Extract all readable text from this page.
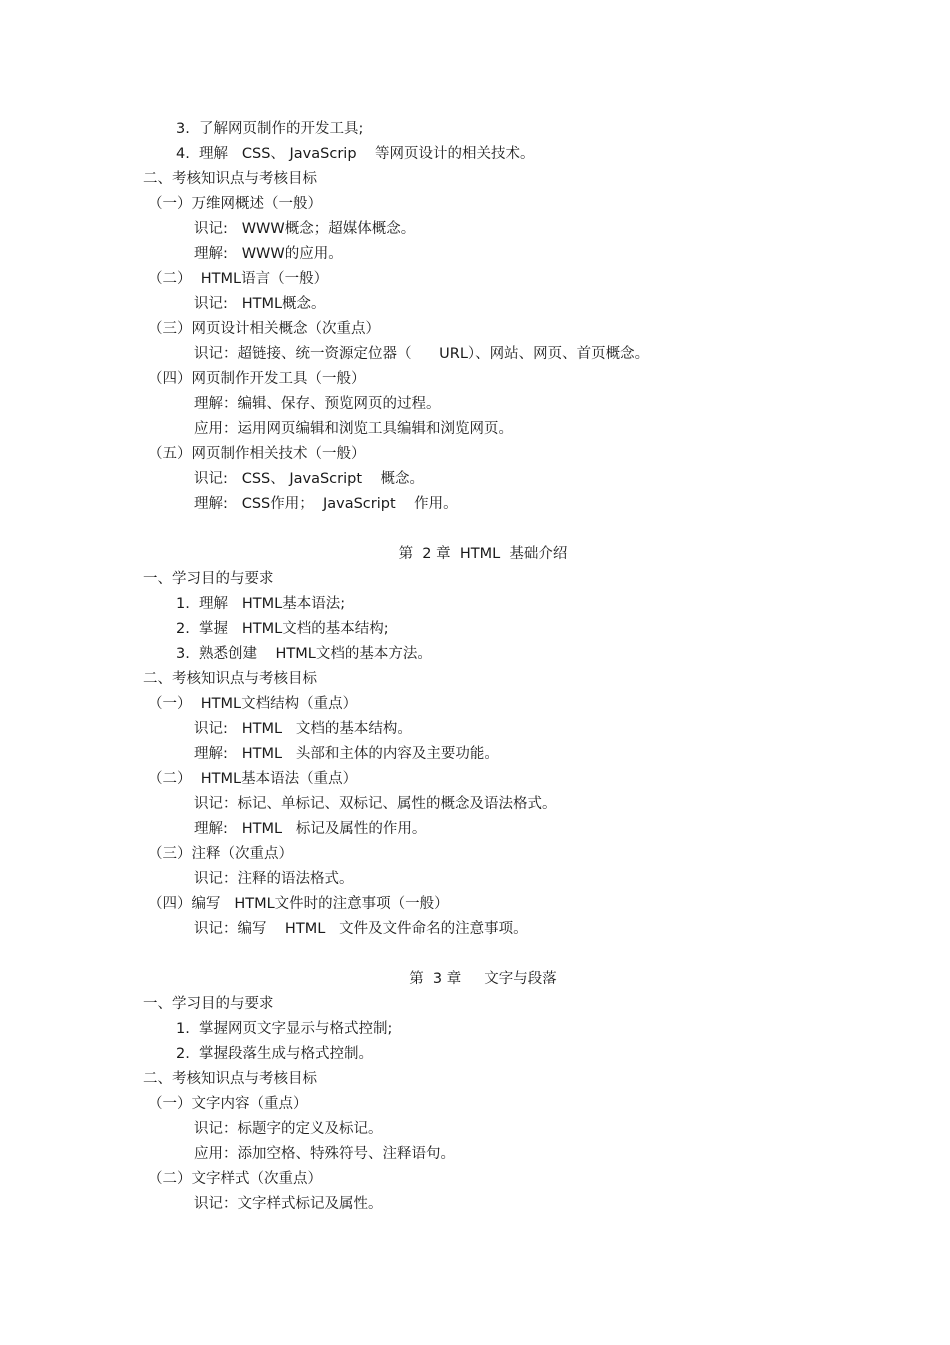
3.  了解网页制作的开发工具;
4.  理解   CSS、 JavaScrip    等网页设计的相关技术。
二、考核知识点与考核目标
（一）万维网概述（一般）
识记:   WWW概念；超媒体概念。
理解:   WWW的应用。
（二）  HTML语言（一般）
识记:   HTML概念。
（三）网页设计相关概念（次重点）
识记：超链接、统一资源定位器（      URL）、网站、网页、首页概念。
（四）网页制作开发工具（一般）
理解：编辑、保存、预览网页的过程。
应用：运用网页编辑和浏览工具编辑和浏览网页。
（五）网页制作相关技术（一般）
识记:   CSS、 JavaScript    概念。
理解:   CSS作用；  JavaScript    作用。
第  2 章  HTML  基础介绍
一、学习目的与要求
1.  理解   HTML基本语法;
2.  掌握   HTML文档的基本结构;
3.  熟悉创建    HTML文档的基本方法。
二、考核知识点与考核目标
（一）  HTML文档结构（重点）
识记:   HTML   文档的基本结构。
理解:   HTML   头部和主体的内容及主要功能。
（二）  HTML基本语法（重点）
识记：标记、单标记、双标记、属性的概念及语法格式。
理解:   HTML   标记及属性的作用。
（三）注释（次重点）
识记：注释的语法格式。
（四）编写   HTML文件时的注意事项（一般）
识记：编写    HTML   文件及文件命名的注意事项。
第  3 章     文字与段落
一、学习目的与要求
1.  掌握网页文字显示与格式控制;
2.  掌握段落生成与格式控制。
二、考核知识点与考核目标
（一）文字内容（重点）
识记：标题字的定义及标记。
应用：添加空格、特殊符号、注释语句。
（二）文字样式（次重点）
识记：文字样式标记及属性。
